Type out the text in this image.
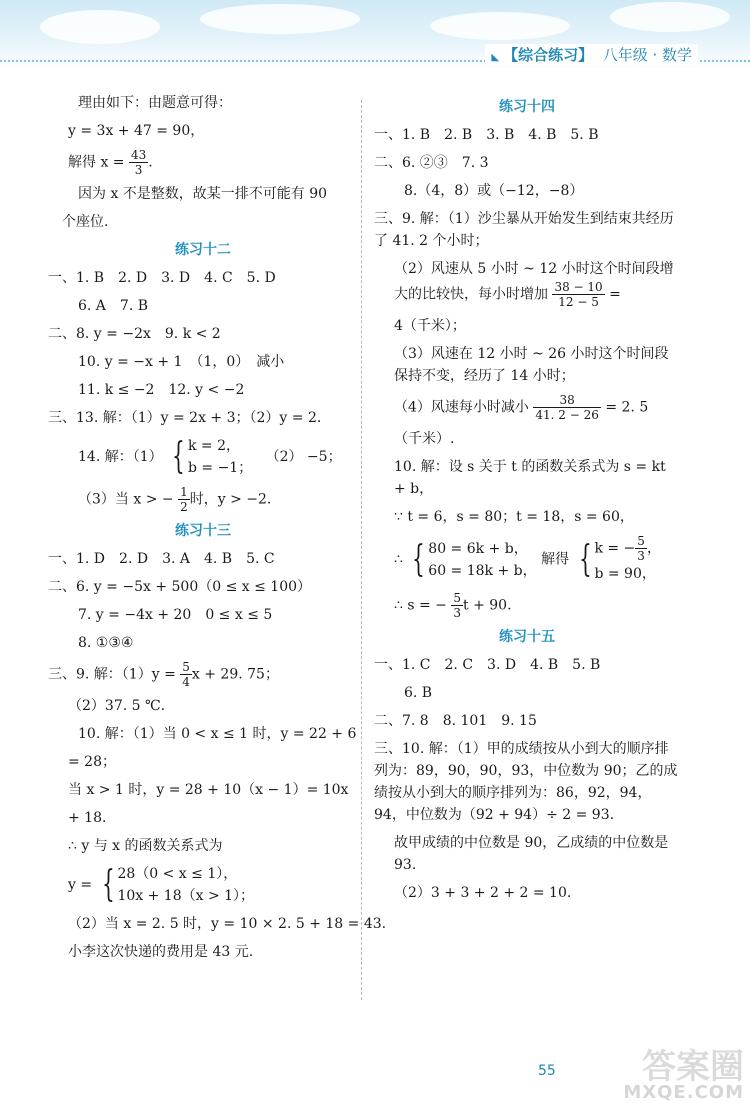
◣ 【综合练习】 八年级 · 数学
理由如下：由题意可得：
y = 3x + 47 = 90，
解得 $x = \frac{43}{3}$ .
因为 x 不是整数，故某一排不可能有 90
个座位.
练习十二
一、1. B　2. D　3. D　4. C　5. D
6. A　7. B
二、8. y = −2x　9. k < 2
10. y = −x + 1　（1，0）　减小
11. k ≤ −2　12. y < −2
三、13. 解：（1）y = 2x + 3；（2）y = 2.
14. 解：（1） { k = 2，
b = −1；
（2） −5；
（3）当 x > − $\frac{1}{2}$ 时，y > −2.
练习十三
一、1. D　2. D　3. A　4. B　5. C
二、6. y = −5x + 500（0 ≤ x ≤ 100）
7. y = −4x + 20　0 ≤ x ≤ 5
8. ①③④
三、9. 解：$(1)y = \frac{5}{4}$ x + 29. 75；
（2）37. 5 ℃.
10. 解：（1）当 0 < x ≤ 1 时，y = 22 + 6
= 28；
当 x > 1 时，y = 28 + 10（x − 1）= 10x
+ 18.
∴ y 与 x 的函数关系式为
y = { 28（0 < x ≤ 1），
10x + 18（x > 1）；
（2）当 x = 2. 5 时，y = 10 × 2. 5 + 18 = 43.
小李这次快递的费用是 43 元.
练习十四
一、1. B　2. B　3. B　4. B　5. B
二、6. ②③　7. 3
8.（4，8）或（−12，−8）
三、9. 解：（1）沙尘暴从开始发生到结束共经历了 41. 2 个小时；
（2）风速从 5 小时 ~ 12 小时这个时间段增大的比较快，每小时增加 $\frac{38 - 10}{12 - 5}$ =
4（千米）；
（3）风速在 12 小时 ~ 26 小时这个时间段保持不变，经历了 14 小时；
（4）风速每小时减小 $\frac{38}{41. 2 - 26} = 2$. 5
（千米）.
10. 解：设 s 关于 t 的函数关系式为 s = kt + b，
∵ t = 6，s = 80；t = 18，s = 60，
∴ { 80 = 6k + b，
60 = 18k + b，
解得 { k = − $\frac{5}{3}$ ，
b = 90，
∴ s = − $\frac{5}{3}$ t + 90.
练习十五
一、1. C　2. C　3. D　4. B　5. B
6. B
二、7. 8　8. 101　9. 15
三、10. 解：（1）甲的成绩按从小到大的顺序排列为：89，90，90，93，中位数为 90；乙的成绩按从小到大的顺序排列为：86，92，94，94，中位数为（92 + 94）÷ 2 = 93.
故甲成绩的中位数是 90，乙成绩的中位数是 93.
（2）3 + 3 + 2 + 2 = 10.
55	答案圈
MXQE.COM
